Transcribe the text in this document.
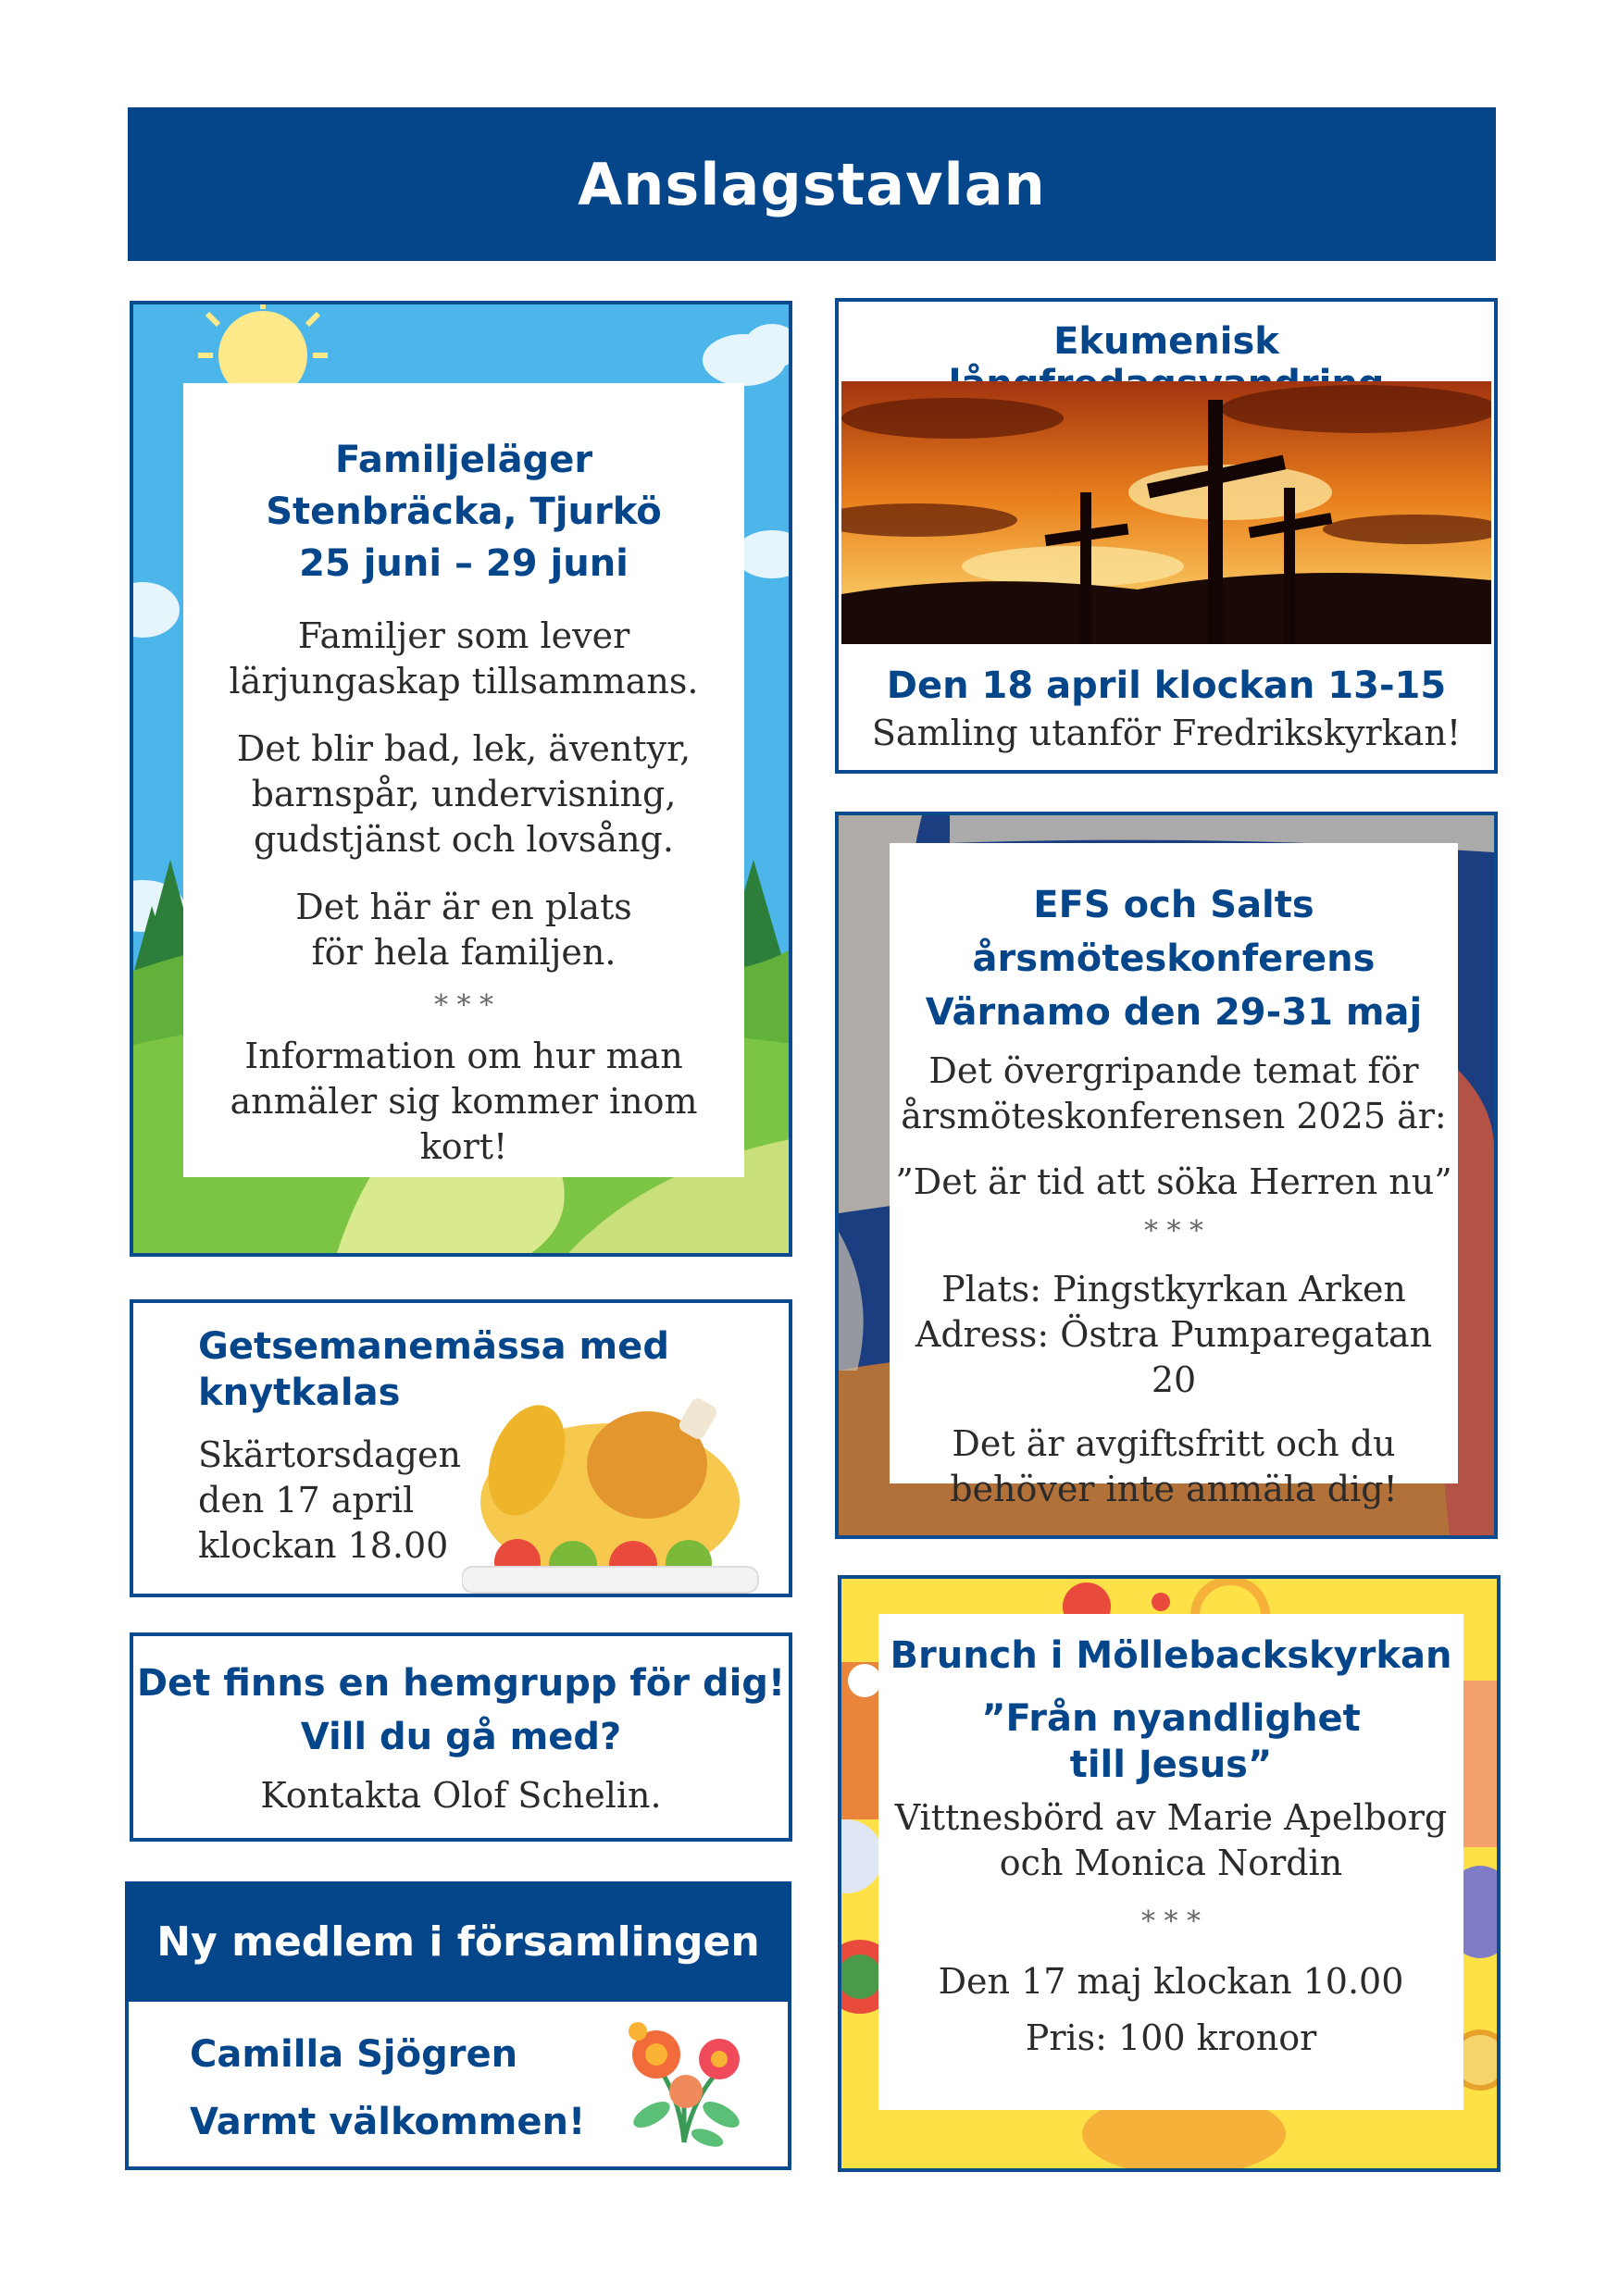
Anslagstavlan
Familjeläger
Stenbräcka, Tjurkö
25 juni – 29 juni

Familjer som lever
lärjungaskap tillsammans.

Det blir bad, lek, äventyr,
barnspår, undervisning,
gudstjänst och lovsång.

Det här är en plats
för hela familjen.

* * *

Information om hur man
anmäler sig kommer inom kort!

Ekumenisk
Den 18 april klockan 13-15
Samling utanför Fredrikskyrkan!
EFS och Salts
årsmöteskonferens
Värnamo den 29-31 maj

Det övergripande temat för
årsmöteskonferensen 2025 är:

”Det är tid att söka Herren nu”

* * *

Plats: Pingstkyrkan Arken

Adress: Östra Pumparegatan 20

Det är avgiftsfritt och du
behöver inte anmäla dig!

Getsemanemässa med
knytkalas
Skärtorsdagen
den 17 april
klockan 18.00
Det finns en hemgrupp för dig!
Vill du gå med?
Kontakta Olof Schelin.
Ny medlem i församlingen
Camilla Sjögren
Varmt välkommen!
Brunch i Möllebackskyrkan
”Från nyandlighet
till Jesus”

Vittnesbörd av Marie Apelborg
och Monica Nordin

* * *

Den 17 maj klockan 10.00

Pris: 100 kronor
